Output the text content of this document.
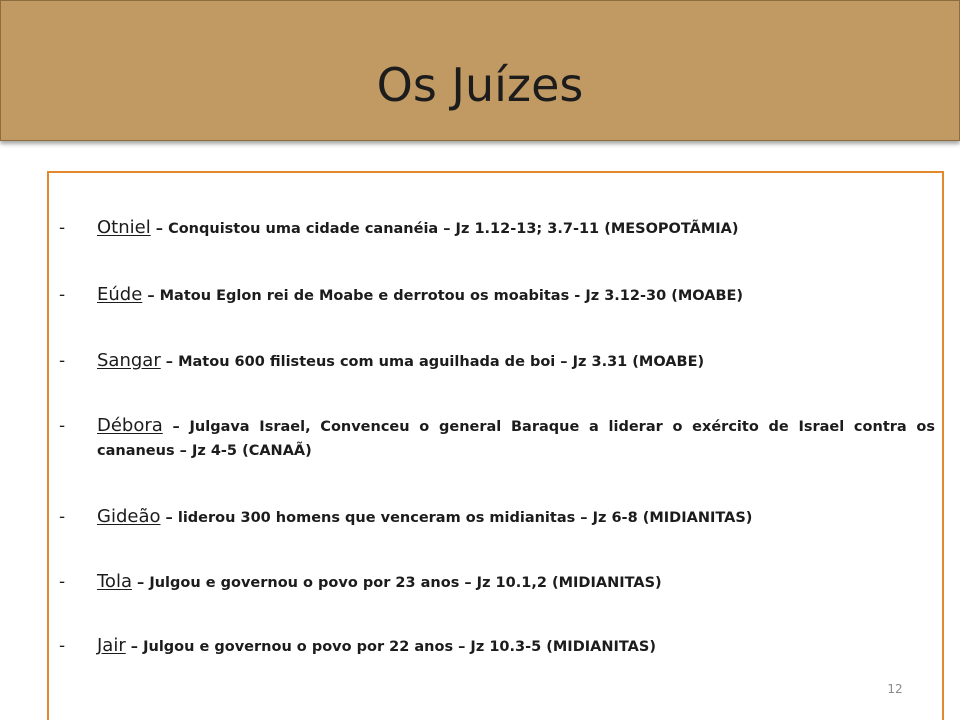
Os Juízes
- Otniel – Conquistou uma cidade cananéia – Jz 1.12-13; 3.7-11 (MESOPOTÃMIA)
- Eúde – Matou Eglon rei de Moabe e derrotou os moabitas - Jz 3.12-30 (MOABE)
- Sangar – Matou 600 filisteus com uma aguilhada de boi – Jz 3.31 (MOABE)
- Débora – Julgava Israel, Convenceu o general Baraque a liderar o exército de Israel contra os cananeus – Jz 4-5 (CANAÃ)
- Gideão – liderou 300 homens que venceram os midianitas – Jz 6-8 (MIDIANITAS)
- Tola – Julgou e governou o povo por 23 anos – Jz 10.1,2 (MIDIANITAS)
- Jair – Julgou e governou o povo por 22 anos – Jz 10.3-5 (MIDIANITAS)
12
